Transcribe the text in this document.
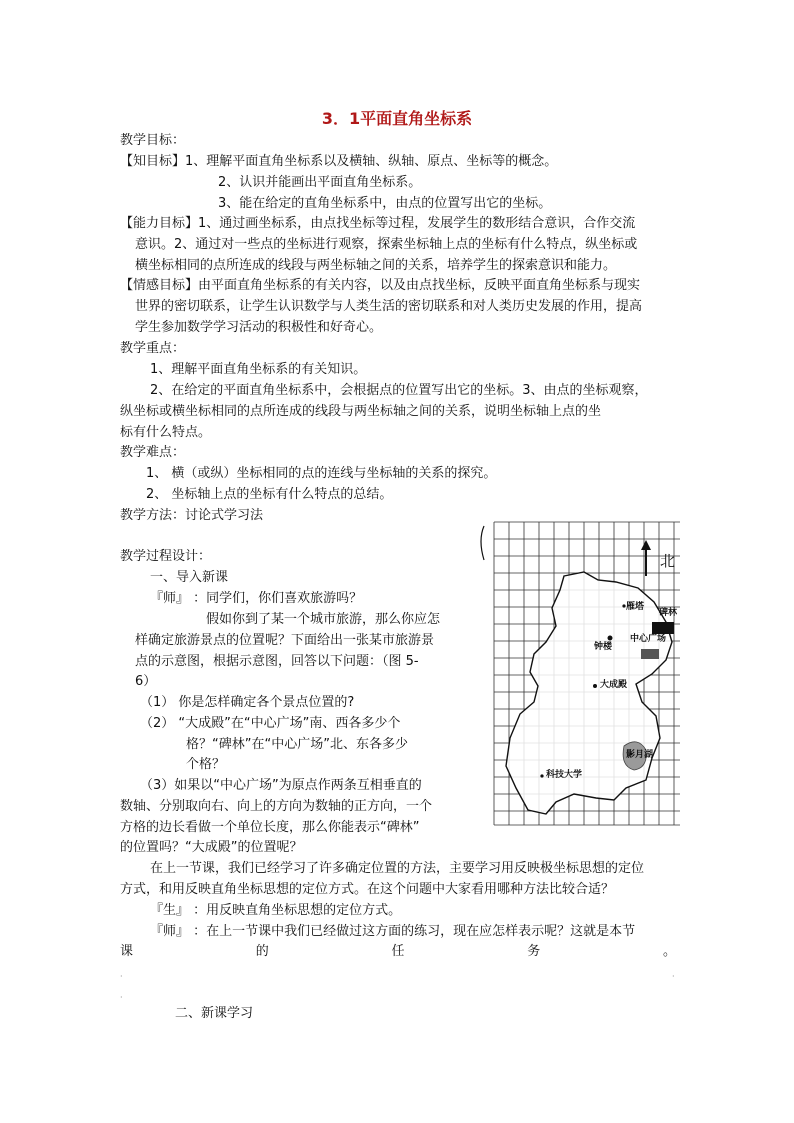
3．1平面直角坐标系
教学目标：
【知目标】1、理解平面直角坐标系以及横轴、纵轴、原点、坐标等的概念。
2、认识并能画出平面直角坐标系。
3、能在给定的直角坐标系中，由点的位置写出它的坐标。
【能力目标】1、通过画坐标系，由点找坐标等过程，发展学生的数形结合意识，合作交流
意识。2、通过对一些点的坐标进行观察，探索坐标轴上点的坐标有什么特点，纵坐标或
横坐标相同的点所连成的线段与两坐标轴之间的关系，培养学生的探索意识和能力。
【情感目标】由平面直角坐标系的有关内容，以及由点找坐标，反映平面直角坐标系与现实
世界的密切联系，让学生认识数学与人类生活的密切联系和对人类历史发展的作用，提高
学生参加数学学习活动的积极性和好奇心。
教学重点：
1、理解平面直角坐标系的有关知识。
2、在给定的平面直角坐标系中，会根据点的位置写出它的坐标。3、由点的坐标观察，
纵坐标或横坐标相同的点所连成的线段与两坐标轴之间的关系，说明坐标轴上点的坐
标有什么特点。
教学难点：
1、 横（或纵）坐标相同的点的连线与坐标轴的关系的探究。
2、 坐标轴上点的坐标有什么特点的总结。
教学方法：讨论式学习法
教学过程设计：
一、导入新课
『师』 ：同学们，你们喜欢旅游吗？
假如你到了某一个城市旅游，那么你应怎
样确定旅游景点的位置呢？下面给出一张某市旅游景
点的示意图，根据示意图，回答以下问题：（图 5-
6）
（1） 你是怎样确定各个景点位置的?
（2） “大成殿”在“中心广场”南、西各多少个
格？“碑林”在“中心广场”北、东各多少
个格？
（3）如果以“中心广场”为原点作两条互相垂直的
数轴、分别取向右、向上的方向为数轴的正方向，一个
方格的边长看做一个单位长度，那么你能表示“碑林”
的位置吗？“大成殿”的位置呢？
在上一节课，我们已经学习了许多确定位置的方法，主要学习用反映极坐标思想的定位
方式，和用反映直角坐标思想的定位方式。在这个问题中大家看用哪种方法比较合适？
『生』 ：用反映直角坐标思想的定位方式。
『师』 ：在上一节课中我们已经做过这方面的练习，现在应怎样表示呢？这就是本节
课	的	任	务	。
·	·
·
二、新课学习
北
雁塔
碑林
钟楼
中心广场
大成殿
影月湖
科技大学
